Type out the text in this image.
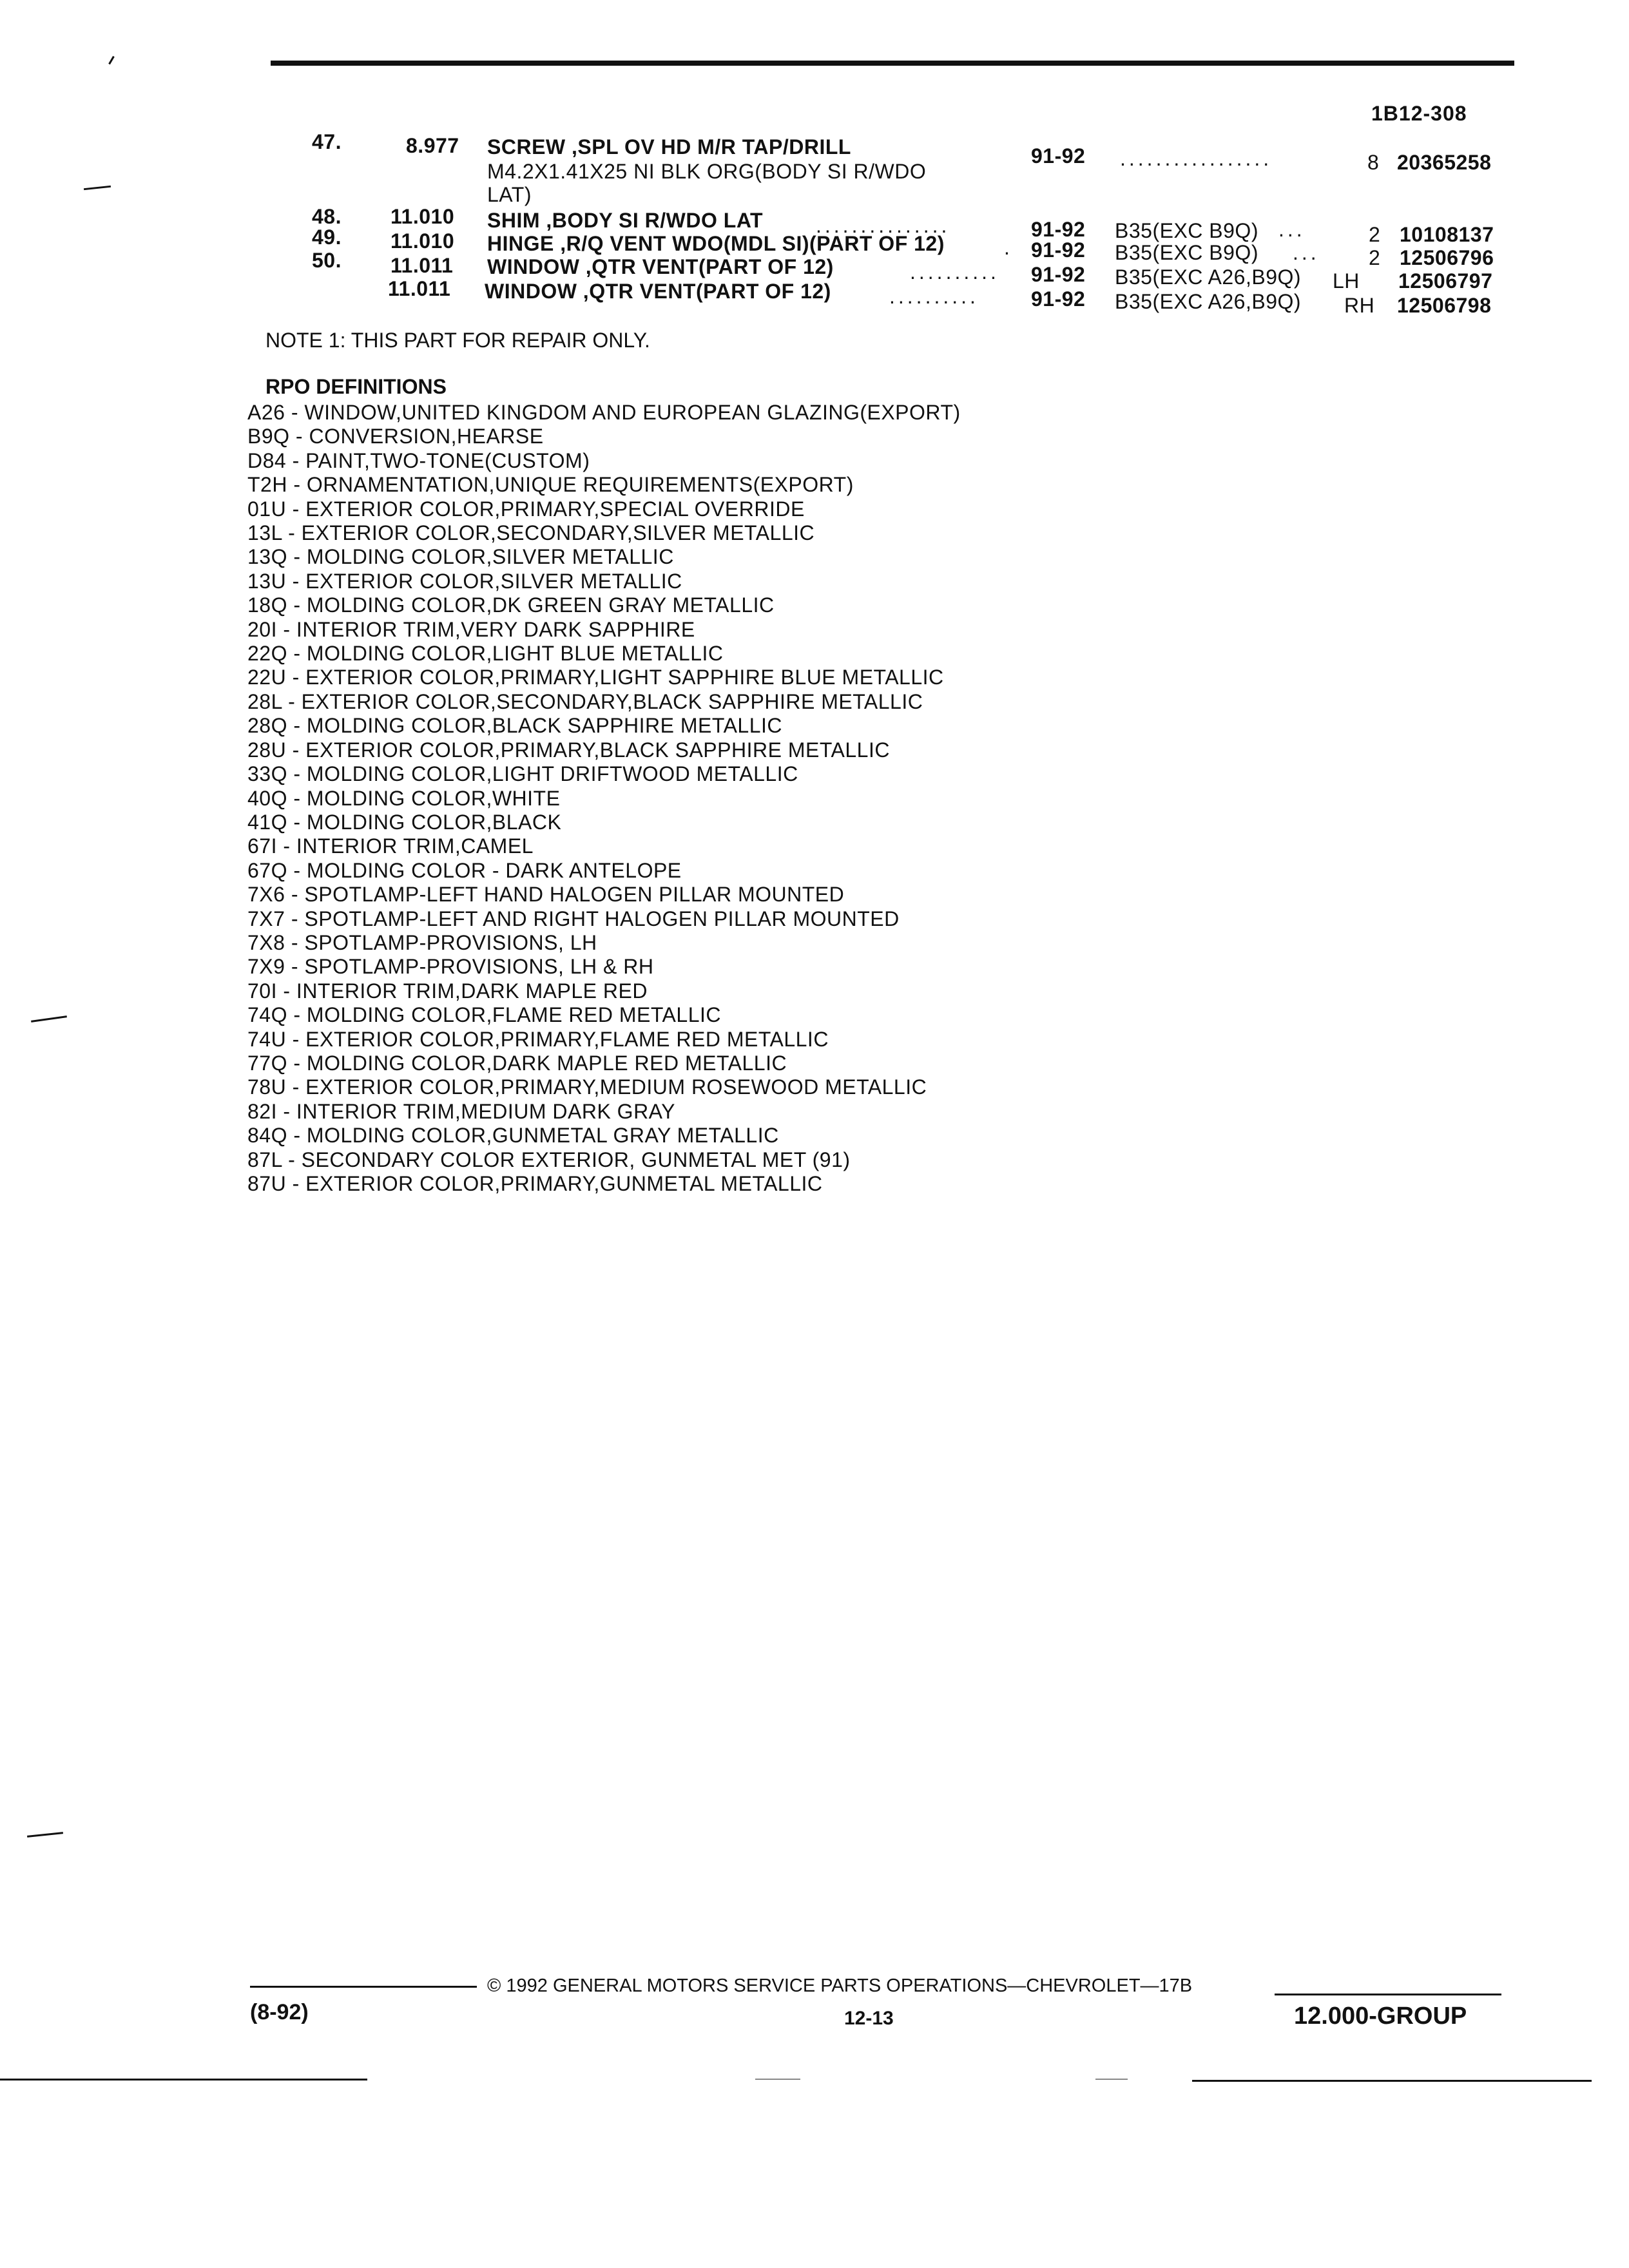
1B12-308
47.	8.977 SCREW ,SPL OV HD M/R TAP/DRILL
M4.2X1.41X25 NI BLK ORG(BODY SI R/WDO
LAT)
91-92 .................	8 20365258
48. 11.010 SHIM ,BODY SI R/WDO LAT	...............	91-92 B35(EXC B9Q) ...	2 10108137
49. 11.010 HINGE ,R/Q VENT WDO(MDL SI)(PART OF 12)	. 91-92 B35(EXC B9Q) ... 2 12506796
50. 11.011 WINDOW ,QTR VENT(PART OF 12)	.......... 91-92 B35(EXC A26,B9Q) LH 12506797
11.011 WINDOW ,QTR VENT(PART OF 12)	..........	91-92 B35(EXC A26,B9Q) RH 12506798
NOTE 1: THIS PART FOR REPAIR ONLY.
RPO DEFINITIONS
A26 - WINDOW,UNITED KINGDOM AND EUROPEAN GLAZING(EXPORT)
B9Q - CONVERSION,HEARSE
D84 - PAINT,TWO-TONE(CUSTOM)
T2H - ORNAMENTATION,UNIQUE REQUIREMENTS(EXPORT)
01U - EXTERIOR COLOR,PRIMARY,SPECIAL OVERRIDE
13L - EXTERIOR COLOR,SECONDARY,SILVER METALLIC
13Q - MOLDING COLOR,SILVER METALLIC
13U - EXTERIOR COLOR,SILVER METALLIC
18Q - MOLDING COLOR,DK GREEN GRAY METALLIC
20I - INTERIOR TRIM,VERY DARK SAPPHIRE
22Q - MOLDING COLOR,LIGHT BLUE METALLIC
22U - EXTERIOR COLOR,PRIMARY,LIGHT SAPPHIRE BLUE METALLIC
28L - EXTERIOR COLOR,SECONDARY,BLACK SAPPHIRE METALLIC
28Q - MOLDING COLOR,BLACK SAPPHIRE METALLIC
28U - EXTERIOR COLOR,PRIMARY,BLACK SAPPHIRE METALLIC
33Q - MOLDING COLOR,LIGHT DRIFTWOOD METALLIC
40Q - MOLDING COLOR,WHITE
41Q - MOLDING COLOR,BLACK
67I - INTERIOR TRIM,CAMEL
67Q - MOLDING COLOR - DARK ANTELOPE
7X6 - SPOTLAMP-LEFT HAND HALOGEN PILLAR MOUNTED
7X7 - SPOTLAMP-LEFT AND RIGHT HALOGEN PILLAR MOUNTED
7X8 - SPOTLAMP-PROVISIONS, LH
7X9 - SPOTLAMP-PROVISIONS, LH & RH
70I - INTERIOR TRIM,DARK MAPLE RED
74Q - MOLDING COLOR,FLAME RED METALLIC
74U - EXTERIOR COLOR,PRIMARY,FLAME RED METALLIC
77Q - MOLDING COLOR,DARK MAPLE RED METALLIC
78U - EXTERIOR COLOR,PRIMARY,MEDIUM ROSEWOOD METALLIC
82I - INTERIOR TRIM,MEDIUM DARK GRAY
84Q - MOLDING COLOR,GUNMETAL GRAY METALLIC
87L - SECONDARY COLOR EXTERIOR, GUNMETAL MET (91)
87U - EXTERIOR COLOR,PRIMARY,GUNMETAL METALLIC
© 1992 GENERAL MOTORS SERVICE PARTS OPERATIONS—CHEVROLET—17B
(8-92)	12-13	12.000-GROUP
